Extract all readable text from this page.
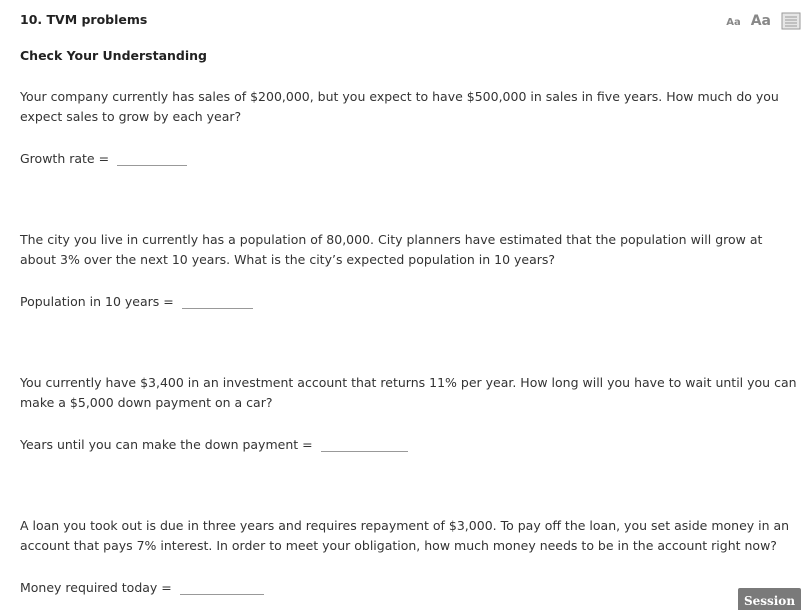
10. TVM problems	Aa Aa
Check Your Understanding
Your company currently has sales of $200,000, but you expect to have $500,000 in sales in five years. How much do you expect sales to grow by each year?
Growth rate =
The city you live in currently has a population of 80,000. City planners have estimated that the population will grow at about 3% over the next 10 years. What is the city’s expected population in 10 years?
Population in 10 years =
You currently have $3,400 in an investment account that returns 11% per year. How long will you have to wait until you can make a $5,000 down payment on a car?
Years until you can make the down payment =
A loan you took out is due in three years and requires repayment of $3,000. To pay off the loan, you set aside money in an account that pays 7% interest. In order to meet your obligation, how much money needs to be in the account right now?
Money required today =
Session
